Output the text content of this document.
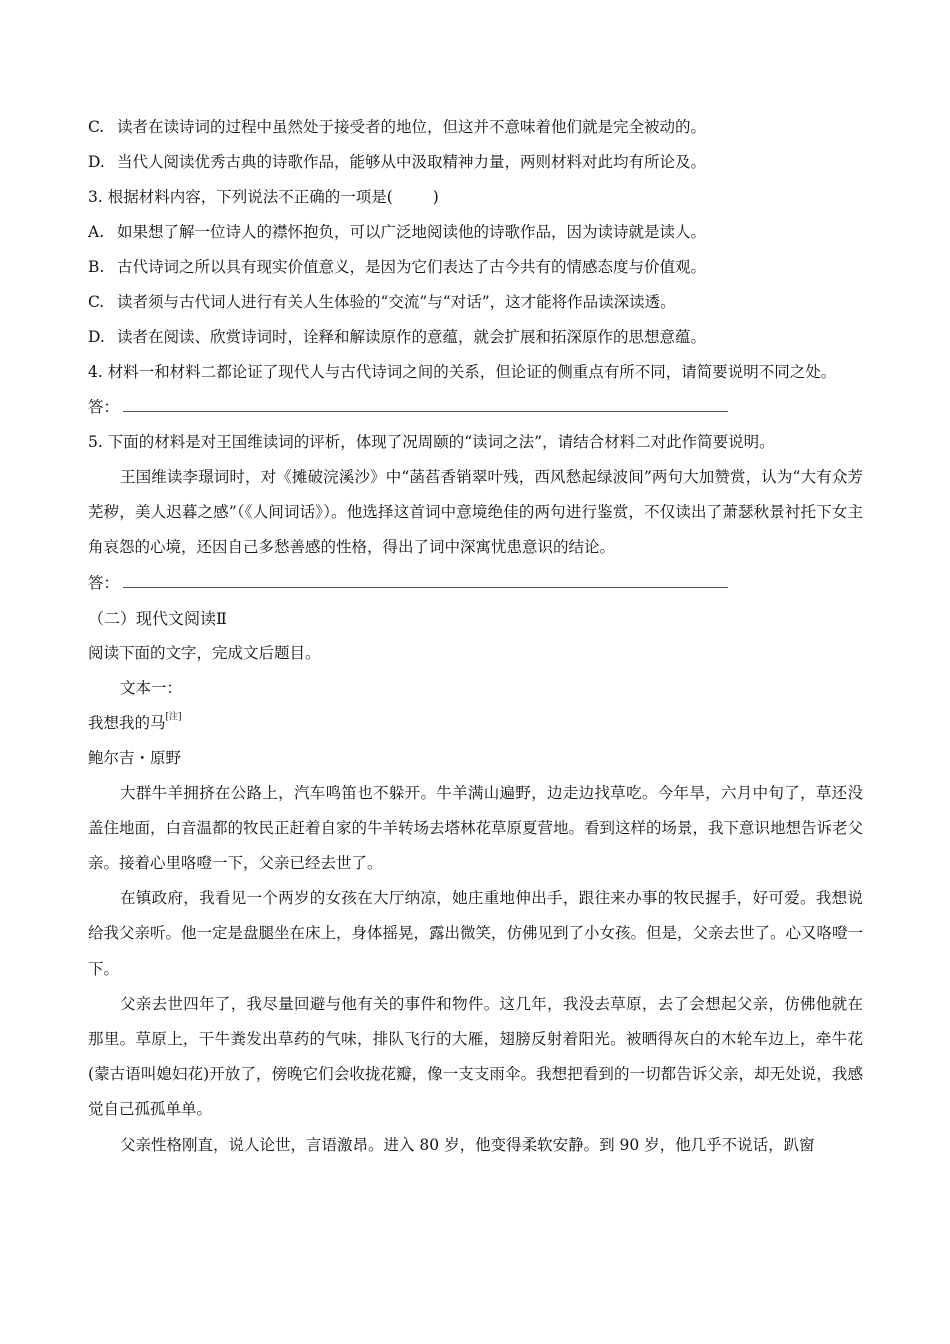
C. 读者在读诗词的过程中虽然处于接受者的地位，但这并不意味着他们就是完全被动的。
D. 当代人阅读优秀古典的诗歌作品，能够从中汲取精神力量，两则材料对此均有所论及。
3. 根据材料内容，下列说法不正确的一项是(	)
A. 如果想了解一位诗人的襟怀抱负，可以广泛地阅读他的诗歌作品，因为读诗就是读人。
B. 古代诗词之所以具有现实价值意义，是因为它们表达了古今共有的情感态度与价值观。
C. 读者须与古代词人进行有关人生体验的“交流”与“对话”，这才能将作品读深读透。
D. 读者在阅读、欣赏诗词时，诠释和解读原作的意蕴，就会扩展和拓深原作的思想意蕴。
4. 材料一和材料二都论证了现代人与古代诗词之间的关系，但论证的侧重点有所不同，请简要说明不同之处。
答：
5. 下面的材料是对王国维读词的评析，体现了况周颐的“读词之法”，请结合材料二对此作简要说明。
王国维读李璟词时，对《摊破浣溪沙》中“菡萏香销翠叶残，西风愁起绿波间”两句大加赞赏，认为“大有众芳芜秽，美人迟暮之感”（《人间词话》）。他选择这首词中意境绝佳的两句进行鉴赏，不仅读出了萧瑟秋景衬托下女主角哀怨的心境，还因自己多愁善感的性格，得出了词中深寓忧患意识的结论。
答：
（二）现代文阅读Ⅱ
阅读下面的文字，完成文后题目。
文本一：
我想我的马[注]
鲍尔吉・原野
大群牛羊拥挤在公路上，汽车鸣笛也不躲开。牛羊满山遍野，边走边找草吃。今年旱，六月中旬了，草还没盖住地面，白音温都的牧民正赶着自家的牛羊转场去塔林花草原夏营地。看到这样的场景，我下意识地想告诉老父亲。接着心里咯噔一下，父亲已经去世了。
在镇政府，我看见一个两岁的女孩在大厅纳凉，她庄重地伸出手，跟往来办事的牧民握手，好可爱。我想说给我父亲听。他一定是盘腿坐在床上，身体摇晃，露出微笑，仿佛见到了小女孩。但是，父亲去世了。心又咯噔一下。
父亲去世四年了，我尽量回避与他有关的事件和物件。这几年，我没去草原，去了会想起父亲，仿佛他就在那里。草原上，干牛粪发出草药的气味，排队飞行的大雁，翅膀反射着阳光。被晒得灰白的木轮车边上，牵牛花(蒙古语叫媳妇花)开放了，傍晚它们会收拢花瓣，像一支支雨伞。我想把看到的一切都告诉父亲，却无处说，我感觉自己孤孤单单。
父亲性格刚直，说人论世，言语激昂。进入 80 岁，他变得柔软安静。到 90 岁，他几乎不说话，趴窗
